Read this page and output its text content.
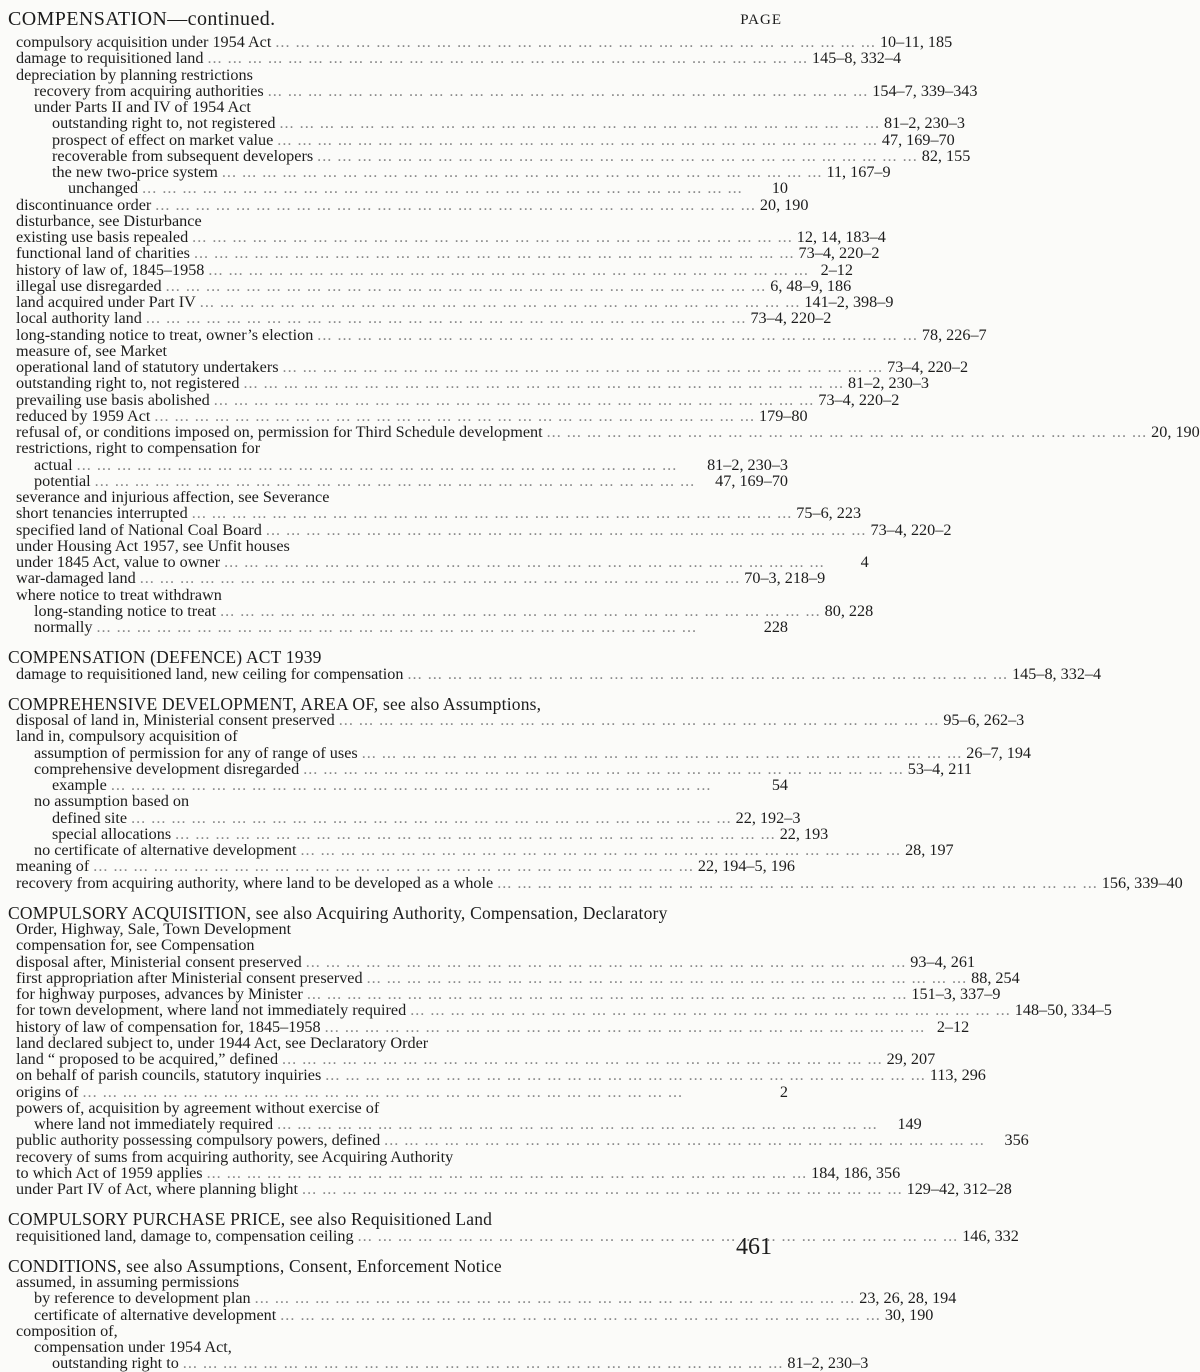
COMPENSATION—continued.	PAGE
compulsory acquisition under 1954 Act ... .	10–11, 185
damage to requisitioned land ... .	145–8, 332–4
depreciation by planning restrictions
recovery from acquiring authorities ... .	154–7, 339–343
under Parts II and IV of 1954 Act
outstanding right to, not registered ... .	81–2, 230–3
prospect of effect on market value ... .	47, 169–70
recoverable from subsequent developers ... .	82, 155
the new two-price system ... .	11, 167–9
unchanged ... .	10
discontinuance order ... .	20, 190
disturbance, see Disturbance
existing use basis repealed ... .	12, 14, 183–4
functional land of charities ... .	73–4, 220–2
history of law of, 1845–1958 ... .	2–12
illegal use disregarded ... .	6, 48–9, 186
land acquired under Part IV ... .	141–2, 398–9
local authority land ... .	73–4, 220–2
long-standing notice to treat, owner’s election ... .	78, 226–7
measure of, see Market
operational land of statutory undertakers ... .	73–4, 220–2
outstanding right to, not registered ... .	81–2, 230–3
prevailing use basis abolished ... .	73–4, 220–2
reduced by 1959 Act ... .	179–80
refusal of, or conditions imposed on, permission for Third Schedule development ... .	20, 190
restrictions, right to compensation for
actual ... .	81–2, 230–3
potential ... .	47, 169–70
severance and injurious affection, see Severance
short tenancies interrupted ... .	75–6, 223
specified land of National Coal Board ... .	73–4, 220–2
under Housing Act 1957, see Unfit houses
under 1845 Act, value to owner ... .	4
war-damaged land ... .	70–3, 218–9
where notice to treat withdrawn
long-standing notice to treat ... .	80, 228
normally ... .	228
COMPENSATION (DEFENCE) ACT 1939
damage to requisitioned land, new ceiling for compensation ... .	145–8, 332–4
COMPREHENSIVE DEVELOPMENT, AREA OF, see also Assumptions,
disposal of land in, Ministerial consent preserved ... .	95–6, 262–3
land in, compulsory acquisition of
assumption of permission for any of range of uses ... .	26–7, 194
comprehensive development disregarded ... .	53–4, 211
example ... .	54
no assumption based on
defined site ... .	22, 192–3
special allocations ... .	22, 193
no certificate of alternative development ... .	28, 197
meaning of ... .	22, 194–5, 196
recovery from acquiring authority, where land to be developed as a whole ... .	156, 339–40
COMPULSORY ACQUISITION, see also Acquiring Authority, Compensation, Declaratory
Order, Highway, Sale, Town Development
compensation for, see Compensation
disposal after, Ministerial consent preserved ... .	93–4, 261
first appropriation after Ministerial consent preserved ... .	88, 254
for highway purposes, advances by Minister ... .	151–3, 337–9
for town development, where land not immediately required ... .	148–50, 334–5
history of law of compensation for, 1845–1958 ... .	2–12
land declared subject to, under 1944 Act, see Declaratory Order
land “ proposed to be acquired,” defined ... .	29, 207
on behalf of parish councils, statutory inquiries ... .	113, 296
origins of ... .	2
powers of, acquisition by agreement without exercise of
where land not immediately required ... .	149
public authority possessing compulsory powers, defined ... .	356
recovery of sums from acquiring authority, see Acquiring Authority
to which Act of 1959 applies ... .	184, 186, 356
under Part IV of Act, where planning blight ... .	129–42, 312–28
COMPULSORY PURCHASE PRICE, see also Requisitioned Land
requisitioned land, damage to, compensation ceiling ... .	146, 332
CONDITIONS, see also Assumptions, Consent, Enforcement Notice
assumed, in assuming permissions
by reference to development plan ... .	23, 26, 28, 194
certificate of alternative development ... .	30, 190
composition of,
compensation under 1954 Act,
outstanding right to ... .	81–2, 230–3
461
